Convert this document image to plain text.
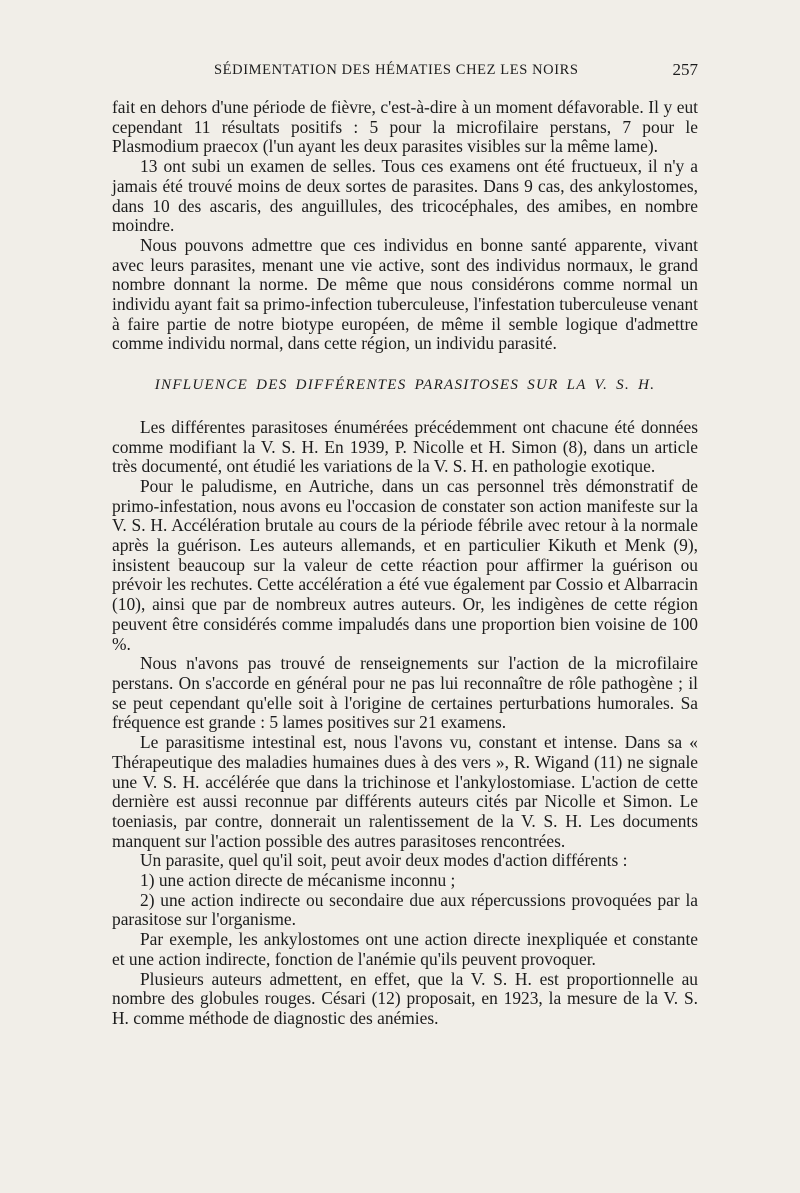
SÉDIMENTATION DES HÉMATIES CHEZ LES NOIRS	257

fait en dehors d'une période de fièvre, c'est-à-dire à un moment défavorable. Il y eut cependant 11 résultats positifs : 5 pour la microfilaire perstans, 7 pour le Plasmodium praecox (l'un ayant les deux parasites visibles sur la même lame).

13 ont subi un examen de selles. Tous ces examens ont été fructueux, il n'y a jamais été trouvé moins de deux sortes de parasites. Dans 9 cas, des ankylostomes, dans 10 des ascaris, des anguillules, des tricocéphales, des amibes, en nombre moindre.

Nous pouvons admettre que ces individus en bonne santé apparente, vivant avec leurs parasites, menant une vie active, sont des individus normaux, le grand nombre donnant la norme. De même que nous considérons comme normal un individu ayant fait sa primo-infection tuberculeuse, l'infestation tuberculeuse venant à faire partie de notre biotype européen, de même il semble logique d'admettre comme individu normal, dans cette région, un individu parasité.

INFLUENCE DES DIFFÉRENTES PARASITOSES SUR LA V. S. H.

Les différentes parasitoses énumérées précédemment ont chacune été données comme modifiant la V. S. H. En 1939, P. Nicolle et H. Simon (8), dans un article très documenté, ont étudié les variations de la V. S. H. en pathologie exotique.

Pour le paludisme, en Autriche, dans un cas personnel très démonstratif de primo-infestation, nous avons eu l'occasion de constater son action manifeste sur la V. S. H. Accélération brutale au cours de la période fébrile avec retour à la normale après la guérison. Les auteurs allemands, et en particulier Kikuth et Menk (9), insistent beaucoup sur la valeur de cette réaction pour affirmer la guérison ou prévoir les rechutes. Cette accélération a été vue également par Cossio et Albarracin (10), ainsi que par de nombreux autres auteurs. Or, les indigènes de cette région peuvent être considérés comme impaludés dans une proportion bien voisine de 100 %.

Nous n'avons pas trouvé de renseignements sur l'action de la microfilaire perstans. On s'accorde en général pour ne pas lui reconnaître de rôle pathogène ; il se peut cependant qu'elle soit à l'origine de certaines perturbations humorales. Sa fréquence est grande : 5 lames positives sur 21 examens.

Le parasitisme intestinal est, nous l'avons vu, constant et intense. Dans sa « Thérapeutique des maladies humaines dues à des vers », R. Wigand (11) ne signale une V. S. H. accélérée que dans la trichinose et l'ankylostomiase. L'action de cette dernière est aussi reconnue par différents auteurs cités par Nicolle et Simon. Le toeniasis, par contre, donnerait un ralentissement de la V. S. H. Les documents manquent sur l'action possible des autres parasitoses rencontrées.

Un parasite, quel qu'il soit, peut avoir deux modes d'action différents :

1) une action directe de mécanisme inconnu ;

2) une action indirecte ou secondaire due aux répercussions provoquées par la parasitose sur l'organisme.

Par exemple, les ankylostomes ont une action directe inexpliquée et constante et une action indirecte, fonction de l'anémie qu'ils peuvent provoquer.

Plusieurs auteurs admettent, en effet, que la V. S. H. est proportionnelle au nombre des globules rouges. Césari (12) proposait, en 1923, la mesure de la V. S. H. comme méthode de diagnostic des anémies.
